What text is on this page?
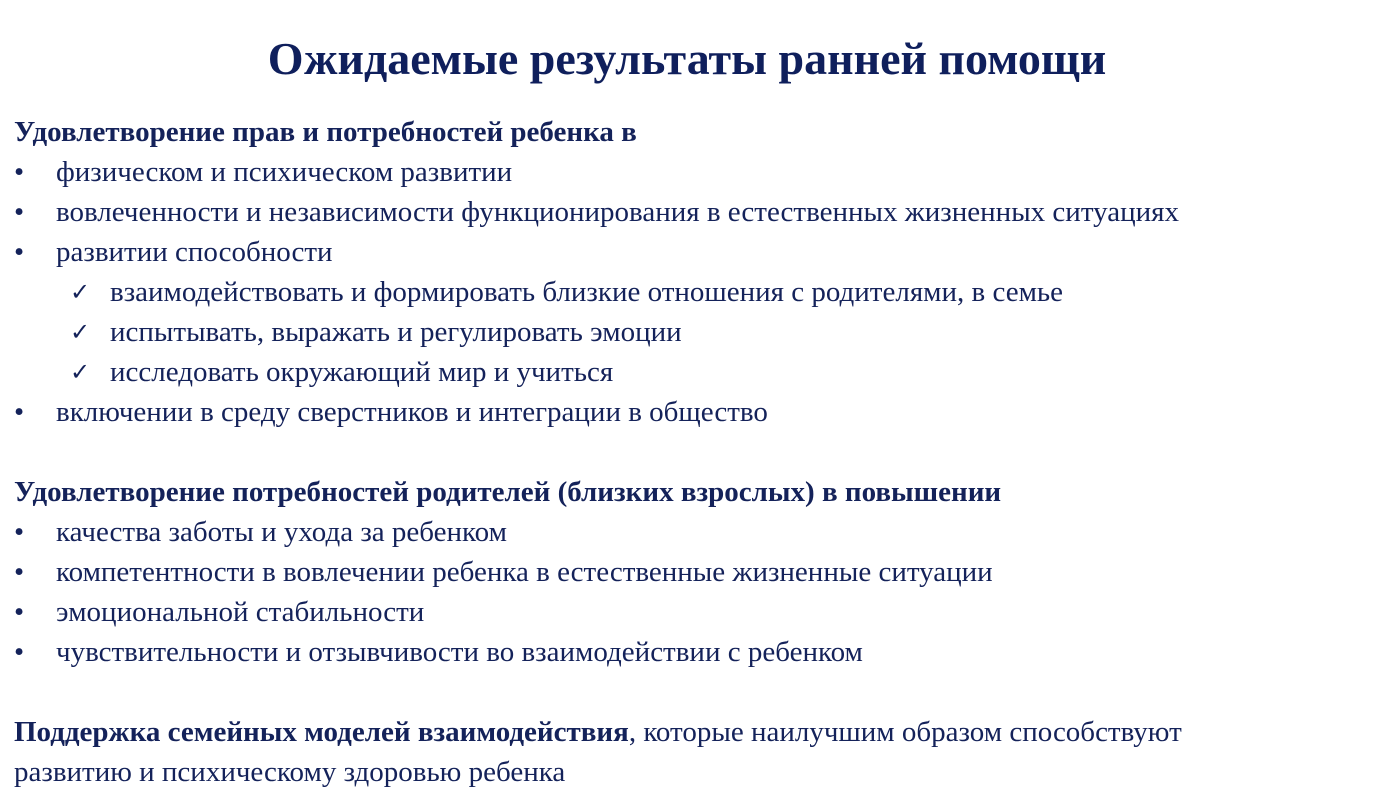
Ожидаемые результаты ранней помощи
Удовлетворение прав и потребностей ребенка в
•	физическом и психическом развитии
•	вовлеченности и независимости функционирования в естественных жизненных ситуациях
•	развитии способности
✓ взаимодействовать и формировать близкие отношения с родителями, в семье
✓ испытывать, выражать и регулировать эмоции
✓ исследовать окружающий мир и учиться
•	включении в среду сверстников и интеграции в общество
Удовлетворение потребностей родителей (близких взрослых) в повышении
•	качества заботы и ухода за ребенком
•	компетентности в вовлечении ребенка в естественные жизненные ситуации
•	эмоциональной стабильности
•	чувствительности и отзывчивости во взаимодействии с ребенком
Поддержка семейных моделей взаимодействия, которые наилучшим образом способствуют
развитию и психическому здоровью ребенка
